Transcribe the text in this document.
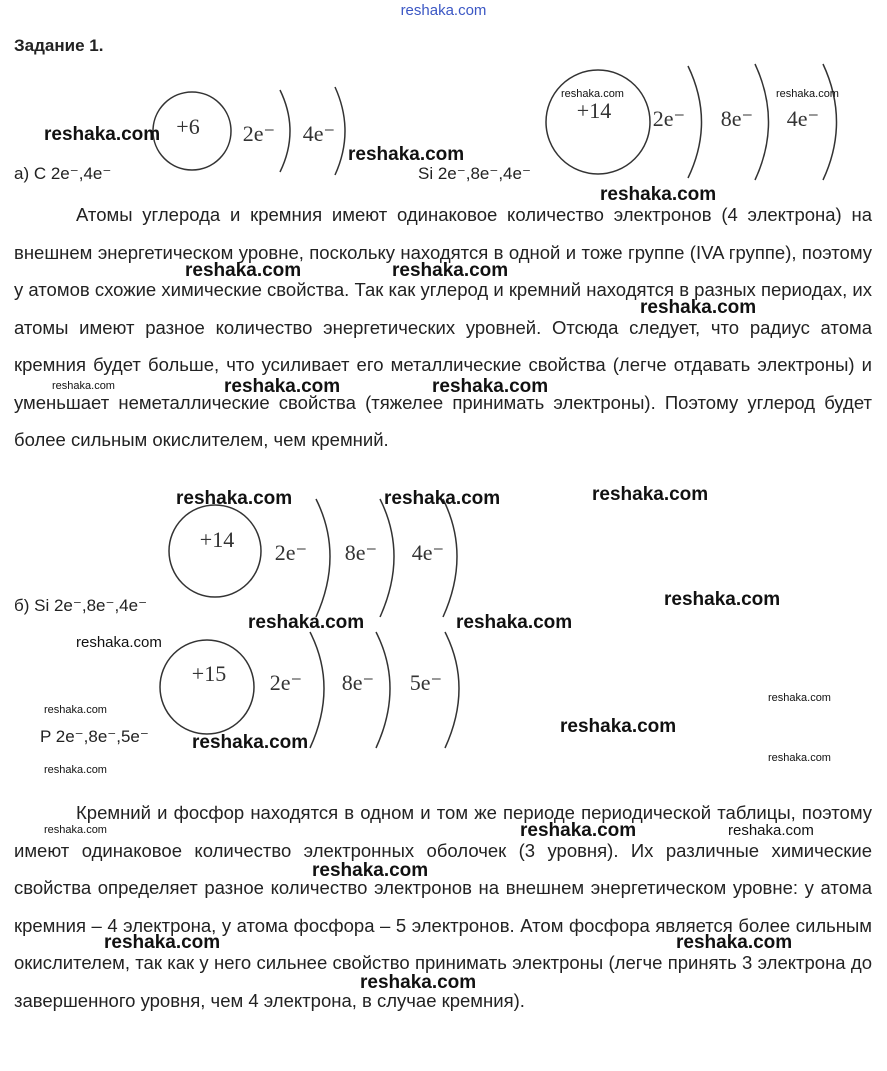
reshaka.com
Задание 1.
+6 2e⁻ 4e⁻
+14 2e⁻ 8e⁻ 4e⁻
а) C 2e⁻,4e⁻	Si 2e⁻,8e⁻,4e⁻

Атомы углерода и кремния имеют одинаковое количество электронов (4 электрона) на внешнем энергетическом уровне, поскольку находятся в одной и тоже группе (IVA группе), поэтому у атомов схожие химические свойства. Так как углерод и кремний находятся в разных периодах, их атомы имеют разное количество энергетических уровней. Отсюда следует, что радиус атома кремния будет больше, что усиливает его металлические свойства (легче отдавать электроны) и уменьшает неметаллические свойства (тяжелее принимать электроны). Поэтому углерод будет более сильным окислителем, чем кремний.

+14
2e⁻ 8e⁻ 4e⁻
б) Si 2e⁻,8e⁻,4e⁻
+15 2e⁻ 8e⁻ 5e⁻
P 2e⁻,8e⁻,5e⁻

Кремний и фосфор находятся в одном и том же периоде периодической таблицы, поэтому имеют одинаковое количество электронных оболочек (3 уровня). Их различные химические свойства определяет разное количество электронов на внешнем энергетическом уровне: у атома кремния – 4 электрона, у атома фосфора – 5 электронов. Атом фосфора является более сильным окислителем, так как у него сильнее свойство принимать электроны (легче принять 3 электрона до завершенного уровня, чем 4 электрона, в случае кремния).

reshaka.com
reshaka.com
reshaka.com
reshaka.com	reshaka.com
reshaka.com
reshaka.com	reshaka.com
reshaka.com	reshaka.com	reshaka.com
reshaka.com
reshaka.com	reshaka.com
reshaka.com
reshaka.com
reshaka.com
reshaka.com
reshaka.com	reshaka.com
reshaka.com
reshaka.com
reshaka.com
reshaka.com	reshaka.com
reshaka.com
reshaka.com
reshaka.com
reshaka.com
reshaka.com
reshaka.com
